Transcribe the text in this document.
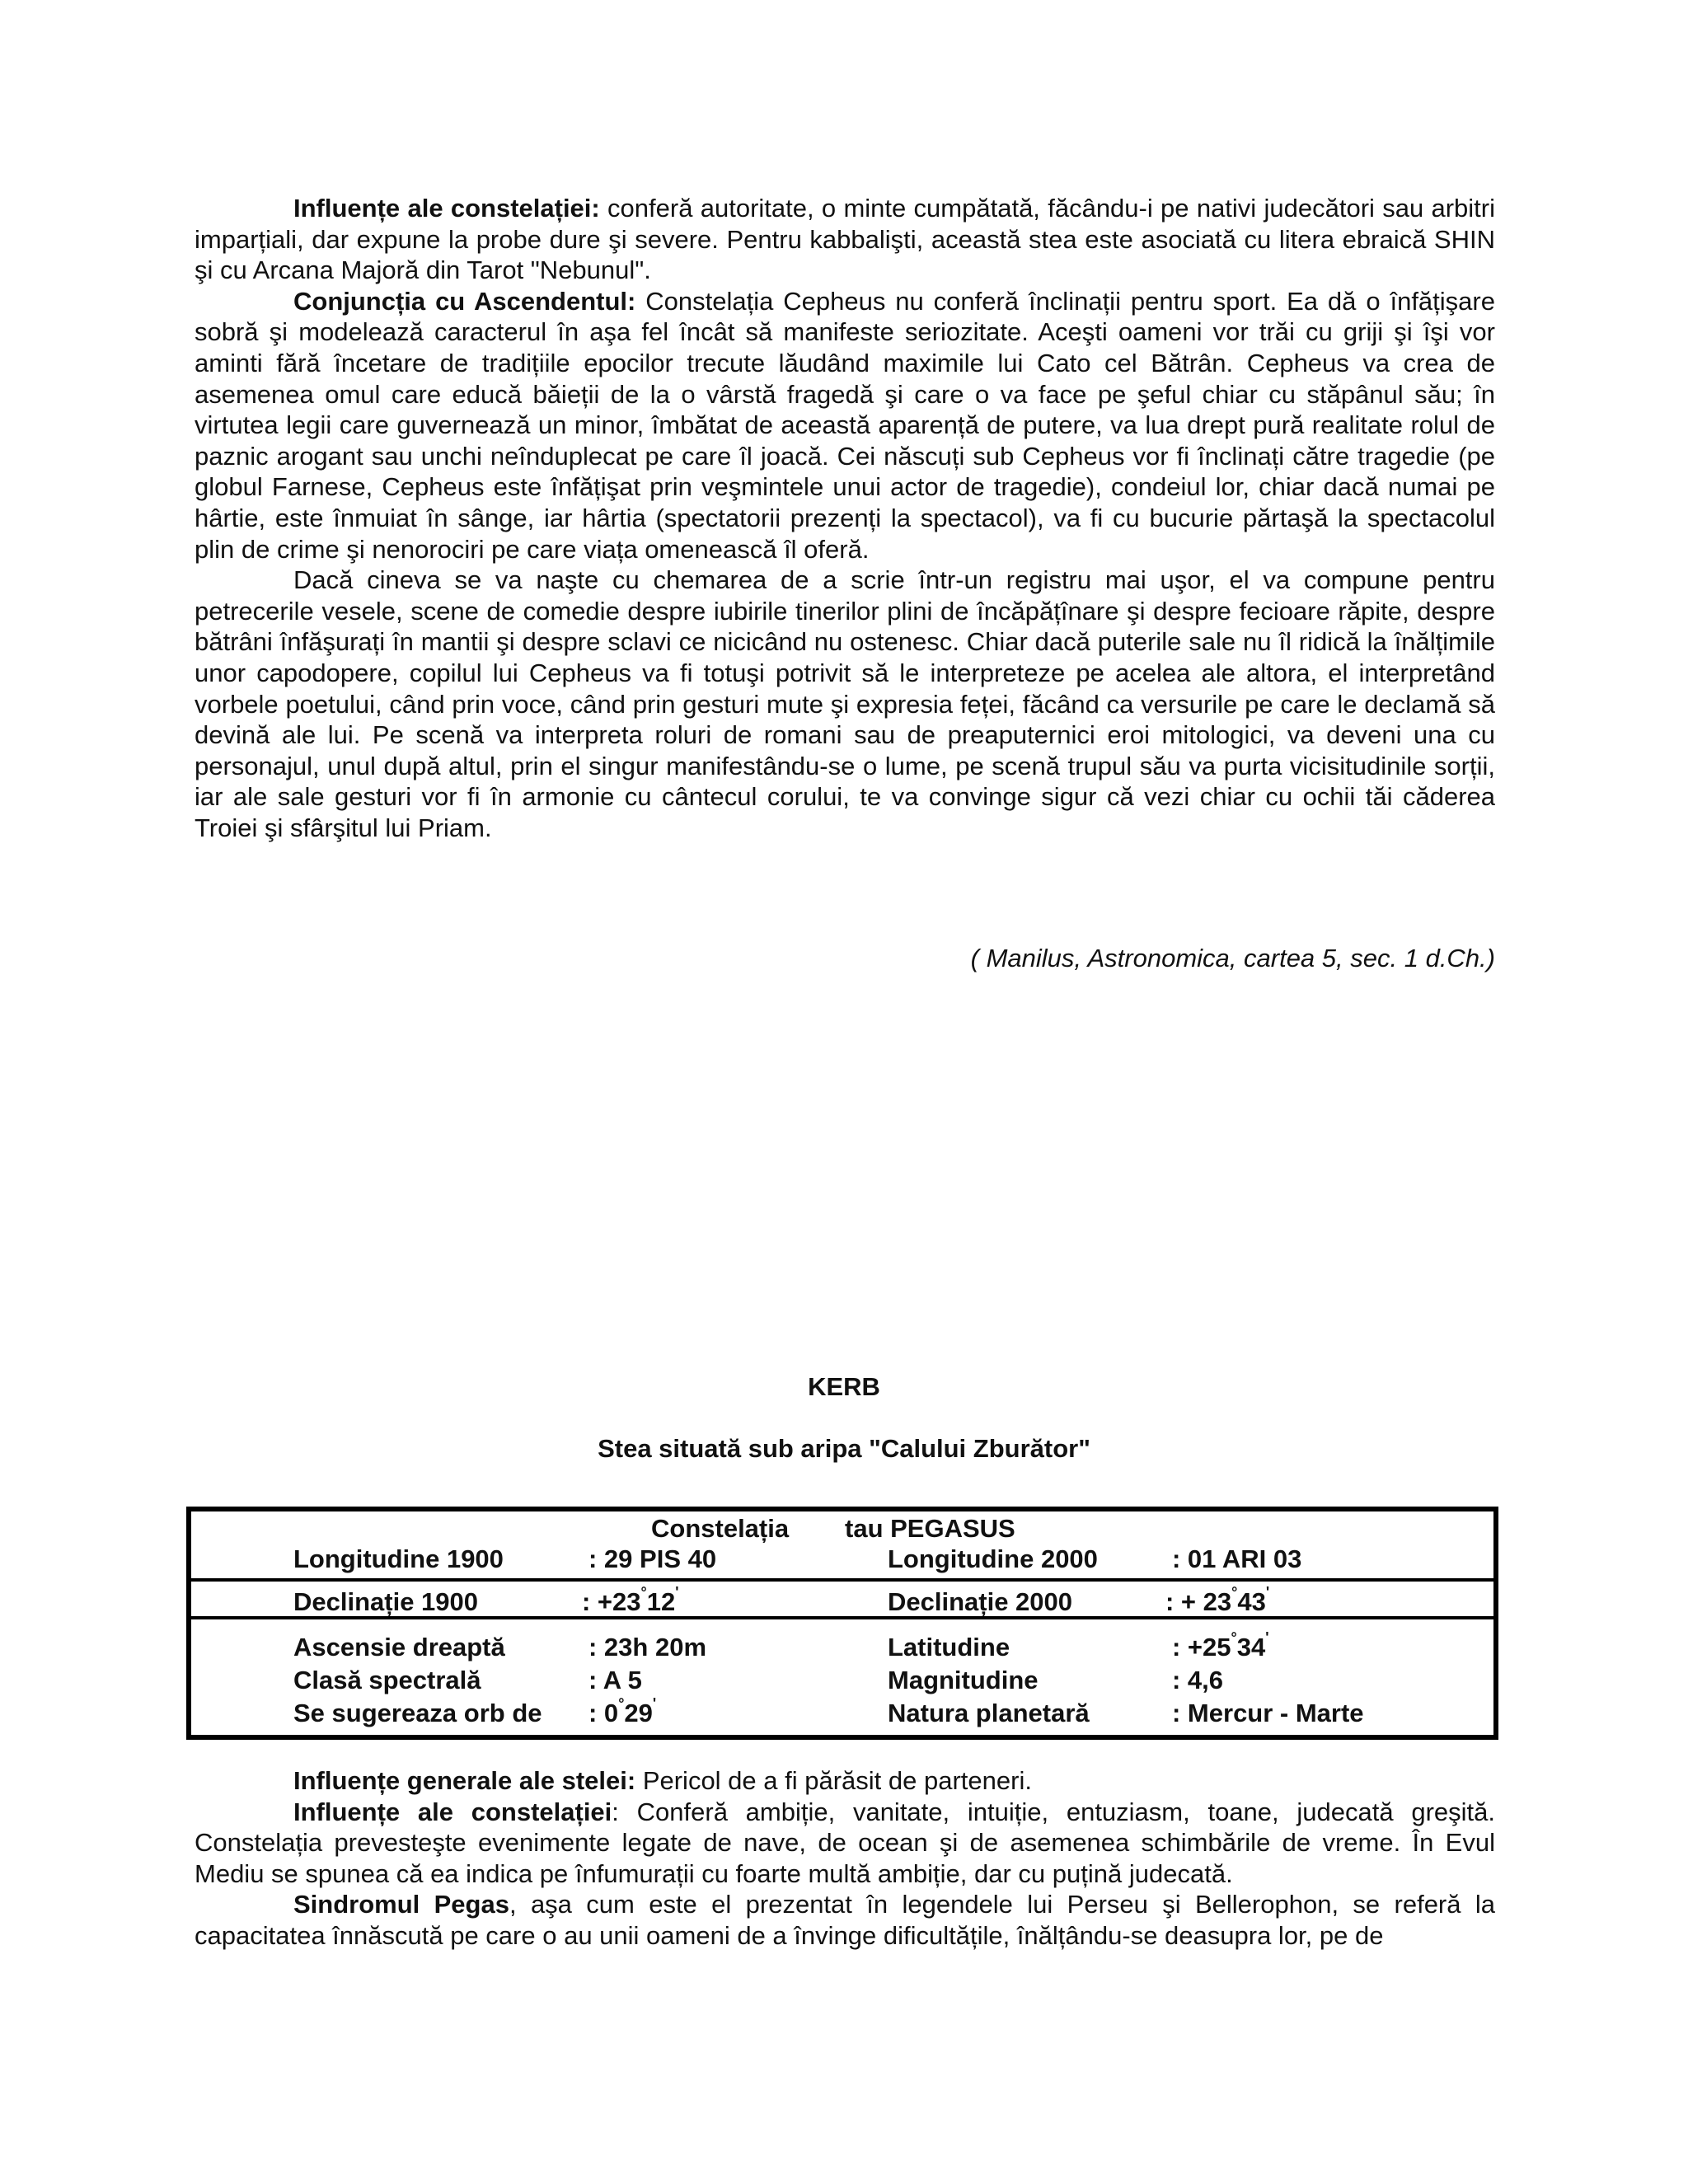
Influențe ale constelației: conferă autoritate, o minte cumpătată, făcându-i pe nativi judecători sau arbitri imparțiali, dar expune la probe dure şi severe. Pentru kabbalişti, această stea este asociată cu litera ebraică SHIN şi cu Arcana Majoră din Tarot "Nebunul".

Conjuncția cu Ascendentul: Constelația Cepheus nu conferă înclinații pentru sport. Ea dă o înfățişare sobră şi modelează caracterul în aşa fel încât să manifeste seriozitate. Aceşti oameni vor trăi cu griji şi îşi vor aminti fără încetare de tradițiile epocilor trecute lăudând maximile lui Cato cel Bătrân. Cepheus va crea de asemenea omul care educă băieții de la o vârstă fragedă şi care o va face pe şeful chiar cu stăpânul său; în virtutea legii care guvernează un minor, îmbătat de această aparență de putere, va lua drept pură realitate rolul de paznic arogant sau unchi neînduplecat pe care îl joacă. Cei născuți sub Cepheus vor fi înclinați către tragedie (pe globul Farnese, Cepheus este înfățişat prin veşmintele unui actor de tragedie), condeiul lor, chiar dacă numai pe hârtie, este înmuiat în sânge, iar hârtia (spectatorii prezenți la spectacol), va fi cu bucurie părtaşă la spectacolul plin de crime şi nenorociri pe care viața omenească îl oferă.

Dacă cineva se va naşte cu chemarea de a scrie într-un registru mai uşor, el va compune pentru petrecerile vesele, scene de comedie despre iubirile tinerilor plini de încăpățînare şi despre fecioare răpite, despre bătrâni înfăşurați în mantii şi despre sclavi ce nicicând nu ostenesc. Chiar dacă puterile sale nu îl ridică la înălțimile unor capodopere, copilul lui Cepheus va fi totuşi potrivit să le interpreteze pe acelea ale altora, el interpretând vorbele poetului, când prin voce, când prin gesturi mute şi expresia feței, făcând ca versurile pe care le declamă să devină ale lui. Pe scenă va interpreta roluri de romani sau de preaputernici eroi mitologici, va deveni una cu personajul, unul după altul, prin el singur manifestându-se o lume, pe scenă trupul său va purta vicisitudinile sorții, iar ale sale gesturi vor fi în armonie cu cântecul corului, te va convinge sigur că vezi chiar cu ochii tăi căderea Troiei şi sfârşitul lui Priam.

( Manilus, Astronomica, cartea 5, sec. 1 d.Ch.)
KERB
Stea situată sub aripa "Calului Zburător"
Constelația tau PEGASUS
Longitudine 1900	: 29 PIS 40	Longitudine 2000	: 01 ARI 03
Declinație 1900	: +23°12'	Declinație 2000	: + 23°43'
Ascensie dreaptă	: 23h 20m	Latitudine	: +25°34'
Clasă spectrală	: A 5	Magnitudine	: 4,6
Se sugereaza orb de : 0°29'	Natura planetară	: Mercur - Marte

Influențe generale ale stelei: Pericol de a fi părăsit de parteneri.

Influențe ale constelației: Conferă ambiție, vanitate, intuiție, entuziasm, toane, judecată greşită. Constelația prevesteşte evenimente legate de nave, de ocean şi de asemenea schimbările de vreme. În Evul Mediu se spunea că ea indica pe înfumurații cu foarte multă ambiție, dar cu puțină judecată.

Sindromul Pegas, aşa cum este el prezentat în legendele lui Perseu şi Bellerophon, se referă la capacitatea înnăscută pe care o au unii oameni de a învinge dificultățile, înălțându-se deasupra lor, pe de
